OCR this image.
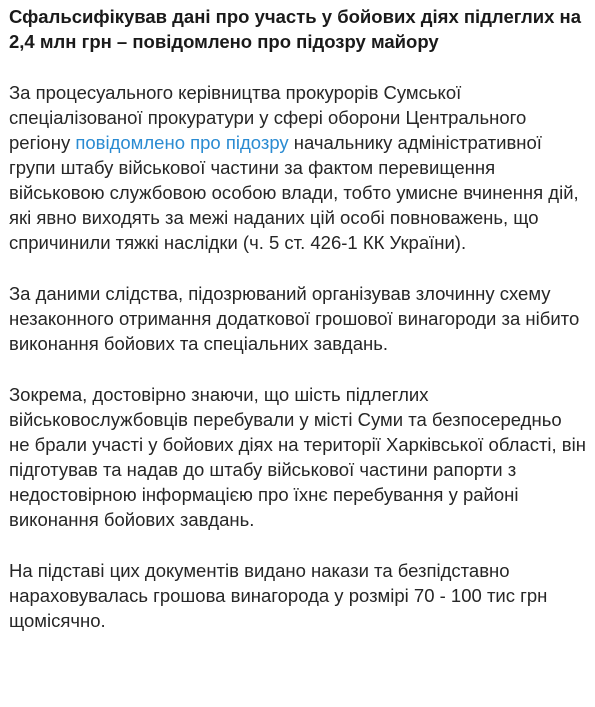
Сфальсифікував дані про участь у бойових діях підлеглих на 2,4 млн грн – повідомлено про підозру майору
За процесуального керівництва прокурорів Сумської спеціалізованої прокуратури у сфері оборони Центрального регіону повідомлено про підозру начальнику адміністративної групи штабу військової частини за фактом перевищення військовою службовою особою влади, тобто умисне вчинення дій, які явно виходять за межі наданих цій особі повноважень, що спричинили тяжкі наслідки (ч. 5 ст. 426-1 КК України).
За даними слідства, підозрюваний організував злочинну схему незаконного отримання додаткової грошової винагороди за нібито виконання бойових та спеціальних завдань.
Зокрема, достовірно знаючи, що шість підлеглих військовослужбовців перебували у місті Суми та безпосередньо не брали участі у бойових діях на території Харківської області, він підготував та надав до штабу військової частини рапорти з недостовірною інформацією про їхнє перебування у районі виконання бойових завдань.
На підставі цих документів видано накази та безпідставно нараховувалась грошова винагорода у розмірі 70 - 100 тис грн щомісячно.
